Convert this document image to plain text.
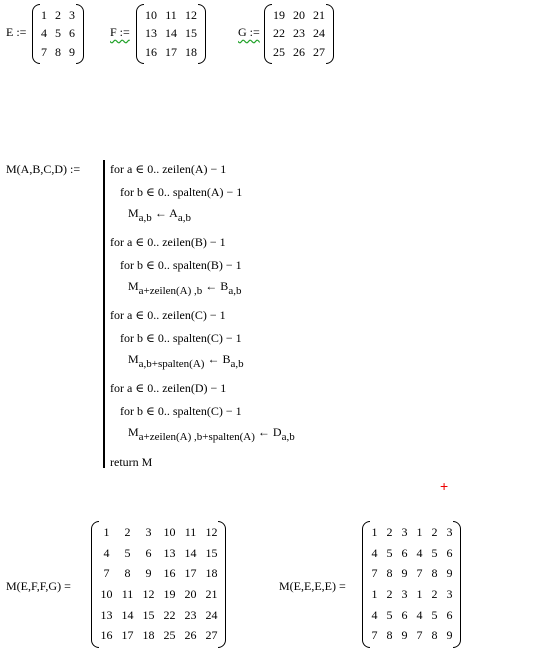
E :=
1	2	3
4	5	6
7	8	9
F :=
10	11	12
13	14	15
16	17	18
G :=
19	20	21
22	23	24
25	26	27
M(A,B,C,D) := for a ∈ 0.. zeilen(A) − 1
for b ∈ 0.. spalten(A) − 1
$M_{a,b}$ ← $A_{a,b}$
for a ∈ 0.. zeilen(B) − 1
for b ∈ 0.. spalten(B) − 1
$M_{a+zeilen(A) ,b}$ ← $B_{a,b}$
for a ∈ 0.. zeilen(C) − 1
for b ∈ 0.. spalten(C) − 1
$M_{a,b+spalten(A)}$ ← $B_{a,b}$
for a ∈ 0.. zeilen(D) − 1
for b ∈ 0.. spalten(C) − 1
$M_{a+zeilen(A) ,b+spalten(A)}$ ← $D_{a,b}$
return M
+
M(E,F,F,G) =
1	2	3	10	11	12
4	5	6	13	14	15
7	8	9	16	17	18
10	11	12	19	20	21
13	14	15	22	23	24
16	17	18	25	26	27
M(E,E,E,E) =
1	2	3	1	2	3
4	5	6	4	5	6
7	8	9	7	8	9
1	2	3	1	2	3
4	5	6	4	5	6
7	8	9	7	8	9
